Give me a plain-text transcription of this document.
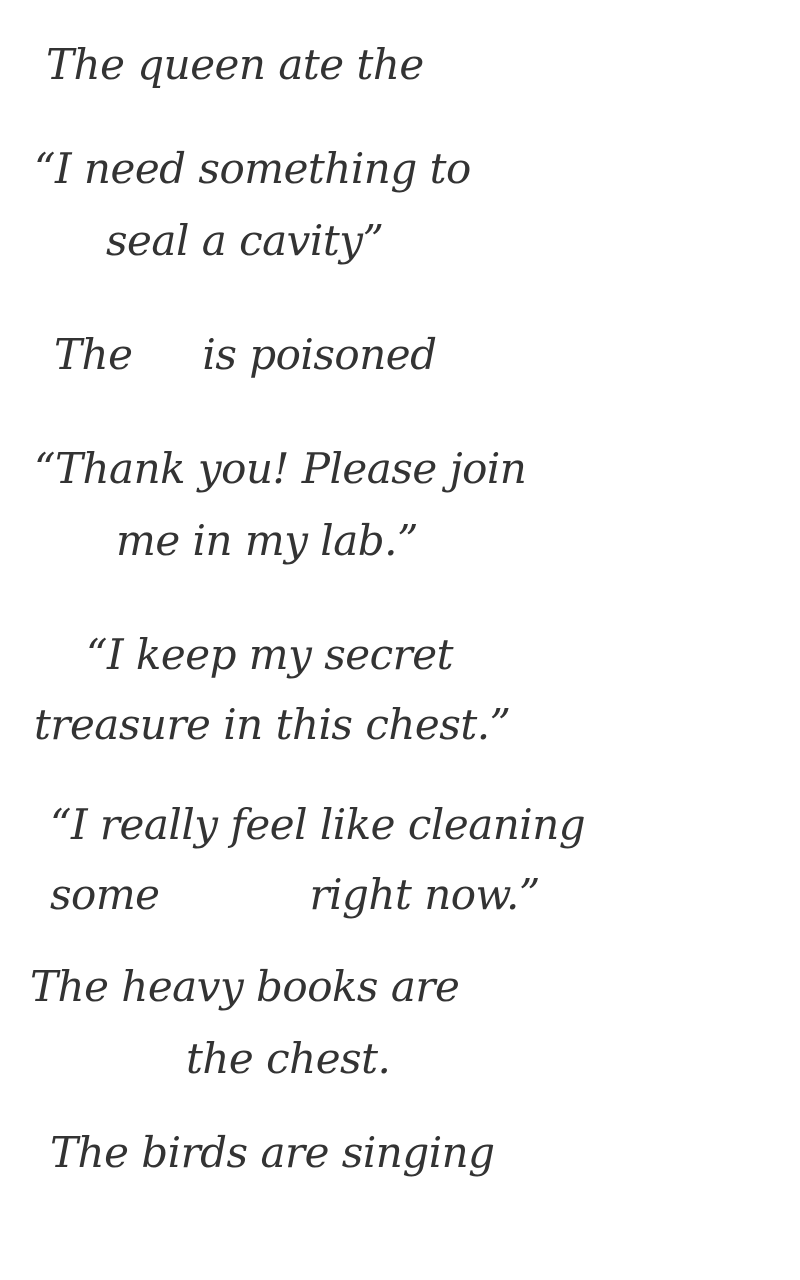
The queen ate the
“I need something to
seal a cavity”
The is poisoned
“Thank you! Please join
me in my lab.”
“I keep my secret
treasure in this chest.”
“I really feel like cleaning
some	right now.”
The heavy books are
the chest.
The birds are singing
